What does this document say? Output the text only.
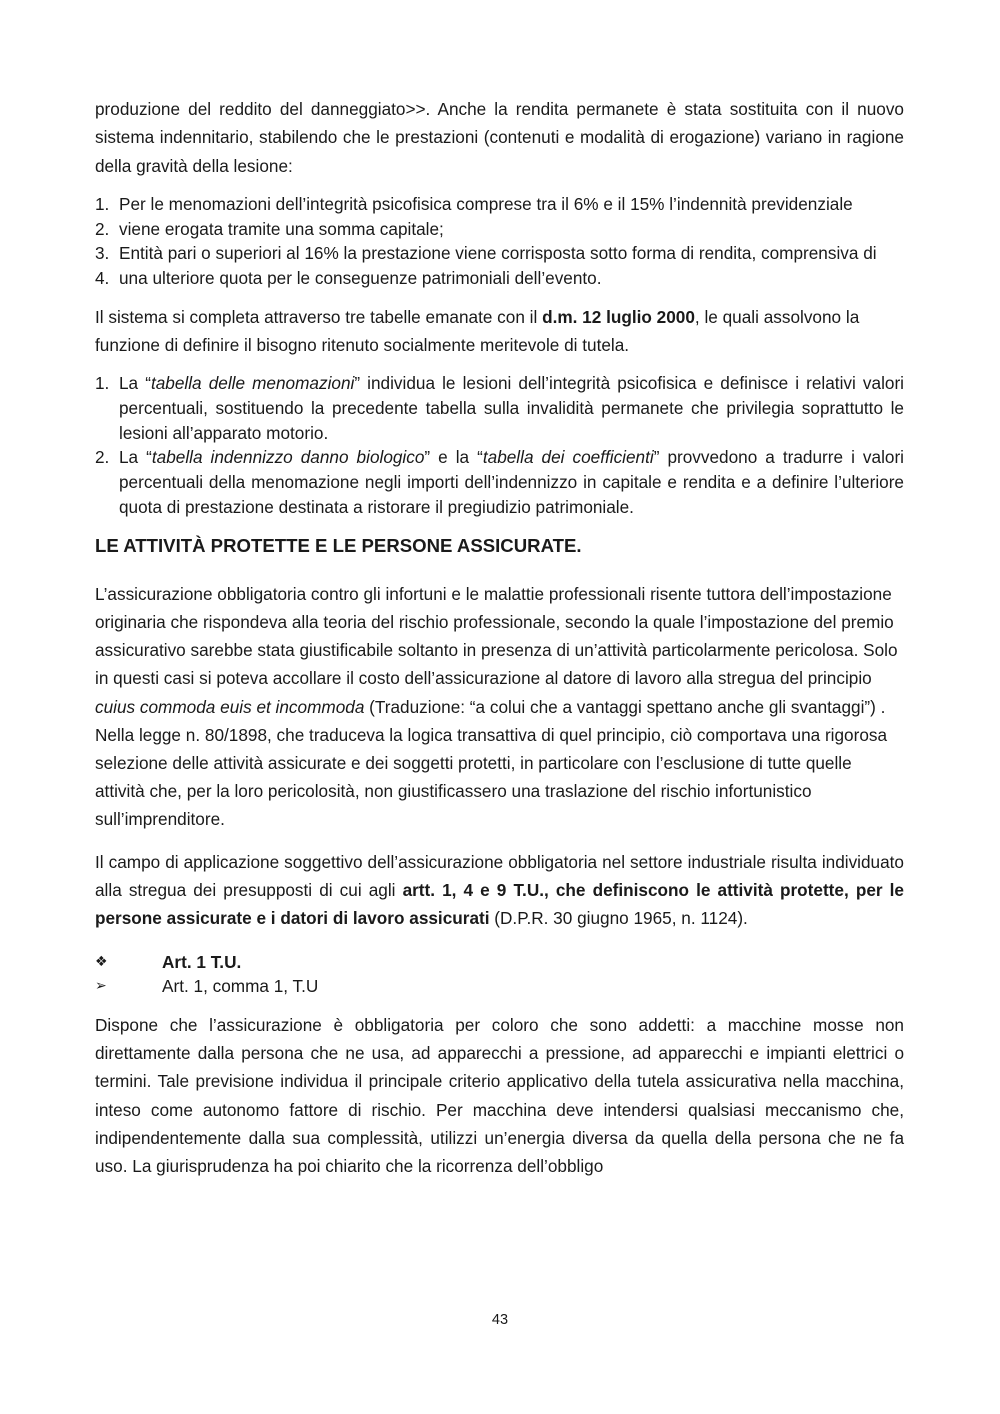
produzione del reddito del danneggiato>>. Anche la rendita permanete è stata sostituita con il nuovo sistema indennitario, stabilendo che le prestazioni (contenuti e modalità di erogazione) variano in ragione della gravità della lesione:

1. Per le menomazioni dell’integrità psicofisica comprese tra il 6% e il 15% l’indennità previdenziale
2. viene erogata tramite una somma capitale;
3. Entità pari o superiori al 16% la prestazione viene corrisposta sotto forma di rendita, comprensiva di
4. una ulteriore quota per le conseguenze patrimoniali dell’evento.

Il sistema si completa attraverso tre tabelle emanate con il d.m. 12 luglio 2000, le quali assolvono la funzione di definire il bisogno ritenuto socialmente meritevole di tutela.

1. La “tabella delle menomazioni” individua le lesioni dell’integrità psicofisica e definisce i relativi valori percentuali, sostituendo la precedente tabella sulla invalidità permanete che privilegia soprattutto le lesioni all’apparato motorio.
2. La “tabella indennizzo danno biologico” e la “tabella dei coefficienti” provvedono a tradurre i valori percentuali della menomazione negli importi dell’indennizzo in capitale e rendita e a definire l’ulteriore quota di prestazione destinata a ristorare il pregiudizio patrimoniale.
LE ATTIVITÀ PROTETTE E LE PERSONE ASSICURATE.

L’assicurazione obbligatoria contro gli infortuni e le malattie professionali risente tuttora dell’impostazione originaria che rispondeva alla teoria del rischio professionale, secondo la quale l’impostazione del premio assicurativo sarebbe stata giustificabile soltanto in presenza di un’attività particolarmente pericolosa. Solo in questi casi si poteva accollare il costo dell’assicurazione al datore di lavoro alla stregua del principio cuius commoda euis et incommoda (Traduzione: “a colui che a vantaggi spettano anche gli svantaggi”) . Nella legge n. 80/1898, che traduceva la logica transattiva di quel principio, ciò comportava una rigorosa selezione delle attività assicurate e dei soggetti protetti, in particolare con l’esclusione di tutte quelle attività che, per la loro pericolosità, non giustificassero una traslazione del rischio infortunistico sull’imprenditore.

Il campo di applicazione soggettivo dell’assicurazione obbligatoria nel settore industriale risulta individuato alla stregua dei presupposti di cui agli artt. 1, 4 e 9 T.U., che definiscono le attività protette, per le persone assicurate e i datori di lavoro assicurati (D.P.R. 30 giugno 1965, n. 1124).

❖	Art. 1 T.U.
➢	Art. 1, comma 1, T.U

Dispone che l’assicurazione è obbligatoria per coloro che sono addetti: a macchine mosse non direttamente dalla persona che ne usa, ad apparecchi a pressione, ad apparecchi e impianti elettrici o termini. Tale previsione individua il principale criterio applicativo della tutela assicurativa nella macchina, inteso come autonomo fattore di rischio. Per macchina deve intendersi qualsiasi meccanismo che, indipendentemente dalla sua complessità, utilizzi un’energia diversa da quella della persona che ne fa uso. La giurisprudenza ha poi chiarito che la ricorrenza dell’obbligo

43
